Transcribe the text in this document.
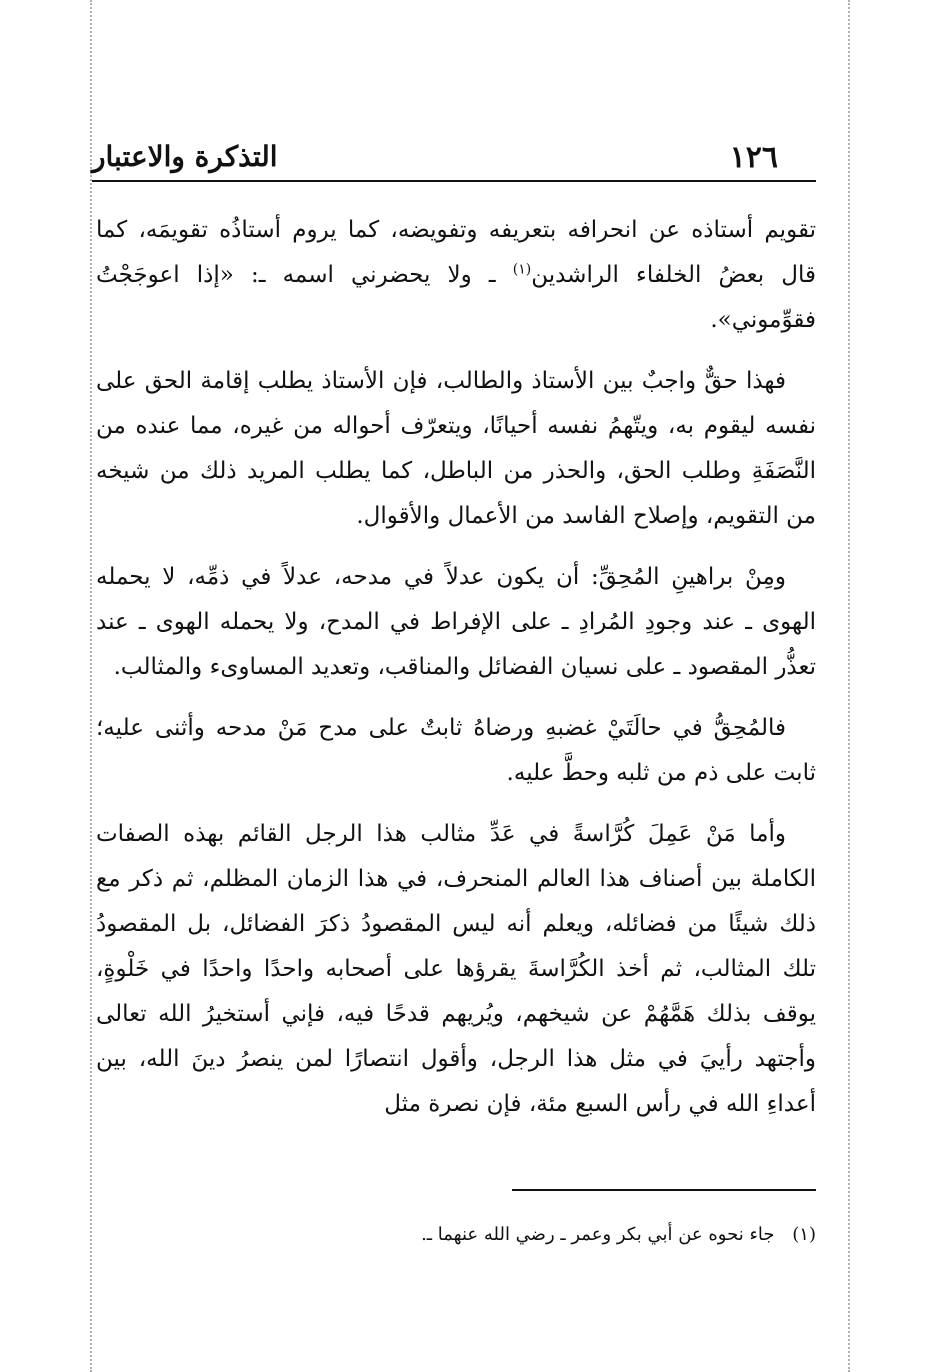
١٢٦
التذكرة والاعتبار

تقويم أستاذه عن انحرافه بتعريفه وتفويضه، كما يروم أستاذُه تقويمَه، كما قال بعضُ الخلفاء الراشدين$^{(١)}$ ـ ولا يحضرني اسمه ـ: «إذا اعوجَجْتُ فقوِّموني».

فهذا حقٌّ واجبٌ بين الأستاذ والطالب، فإن الأستاذ يطلب إقامة الحق على نفسه ليقوم به، ويتّهمُ نفسه أحيانًا، ويتعرّف أحواله من غيره، مما عنده من النَّصَفَةِ وطلب الحق، والحذر من الباطل، كما يطلب المريد ذلك من شيخه من التقويم، وإصلاح الفاسد من الأعمال والأقوال.

ومِنْ براهينِ المُحِقِّ: أن يكون عدلاً في مدحه، عدلاً في ذمِّه، لا يحمله الهوى ـ عند وجودِ المُرادِ ـ على الإفراط في المدح، ولا يحمله الهوى ـ عند تعذُّر المقصود ـ على نسيان الفضائل والمناقب، وتعديد المساوىء والمثالب.

فالمُحِقُّ في حالَتَيْ غضبهِ ورضاهُ ثابتٌ على مدح مَنْ مدحه وأثنى عليه؛ ثابت على ذم من ثلبه وحطَّ عليه.

وأما مَنْ عَمِلَ كُرَّاسةً في عَدِّ مثالب هذا الرجل القائم بهذه الصفات الكاملة بين أصناف هذا العالم المنحرف، في هذا الزمان المظلم، ثم ذكر مع ذلك شيئًا من فضائله، ويعلم أنه ليس المقصودُ ذكرَ الفضائل، بل المقصودُ تلك المثالب، ثم أخذ الكُرَّاسةَ يقرؤها على أصحابه واحدًا واحدًا في خَلْوةٍ، يوقف بذلك هَمَّهُمْ عن شيخهم، ويُريهم قدحًا فيه، فإني أستخيرُ الله تعالى وأجتهد رأييَ في مثل هذا الرجل، وأقول انتصارًا لمن ينصرُ دينَ الله، بين أعداءِ الله في رأس السبع مئة، فإن نصرة مثل

(١) جاء نحوه عن أبي بكر وعمر ـ رضي الله عنهما ـ.
